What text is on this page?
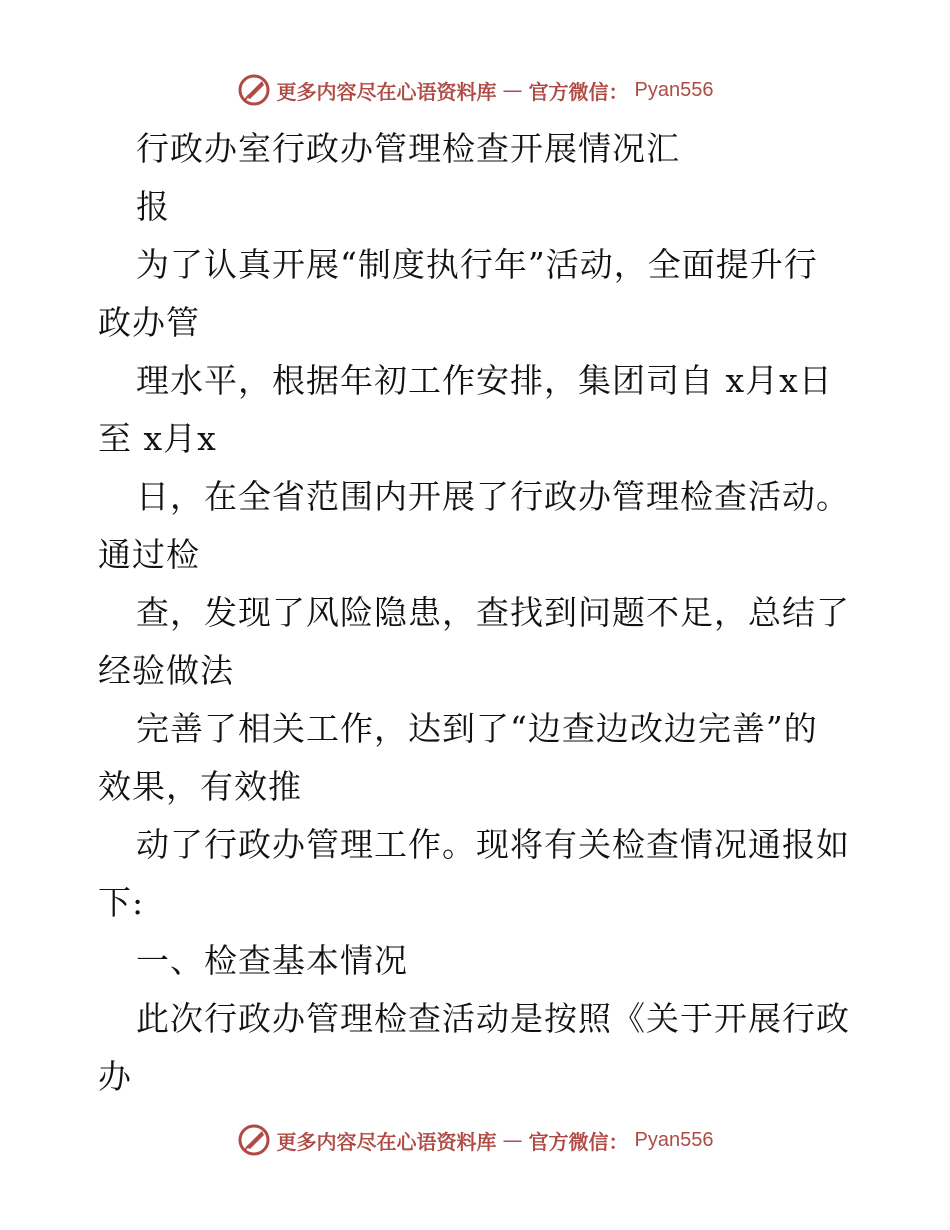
更多内容尽在心语资料库 — 官方微信： Pyan556
行政办室行政办管理检查开展情况汇
报
为了认真开展“制度执行年”活动，全面提升行
政办管
理水平，根据年初工作安排，集团司自 x月x日
至 x月x
日，在全省范围内开展了行政办管理检查活动。
通过检
查，发现了风险隐患，查找到问题不足，总结了
经验做法
完善了相关工作，达到了“边查边改边完善”的
效果，有效推
动了行政办管理工作。现将有关检查情况通报如
下:
一、检查基本情况
此次行政办管理检查活动是按照《关于开展行政
办
更多内容尽在心语资料库 — 官方微信： Pyan556
